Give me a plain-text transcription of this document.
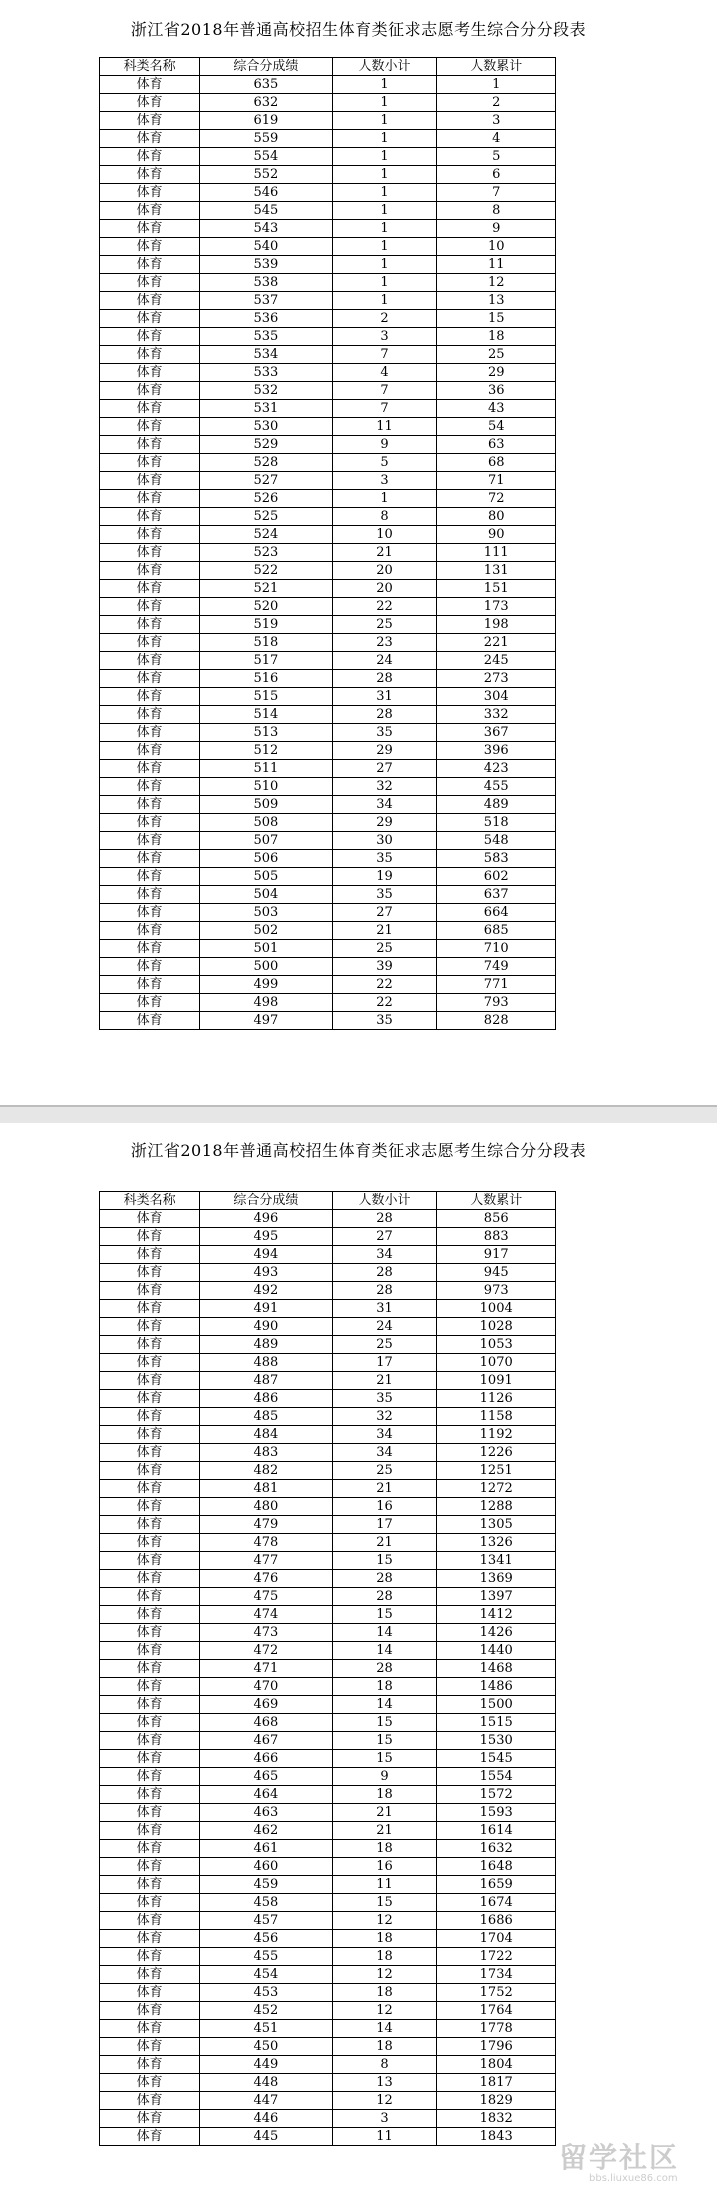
浙江省2018年普通高校招生体育类征求志愿考生综合分分段表
科类名称	综合分成绩	人数小计	人数累计
体育	635	1	1
体育	632	1	2
体育	619	1	3
体育	559	1	4
体育	554	1	5
体育	552	1	6
体育	546	1	7
体育	545	1	8
体育	543	1	9
体育	540	1	10
体育	539	1	11
体育	538	1	12
体育	537	1	13
体育	536	2	15
体育	535	3	18
体育	534	7	25
体育	533	4	29
体育	532	7	36
体育	531	7	43
体育	530	11	54
体育	529	9	63
体育	528	5	68
体育	527	3	71
体育	526	1	72
体育	525	8	80
体育	524	10	90
体育	523	21	111
体育	522	20	131
体育	521	20	151
体育	520	22	173
体育	519	25	198
体育	518	23	221
体育	517	24	245
体育	516	28	273
体育	515	31	304
体育	514	28	332
体育	513	35	367
体育	512	29	396
体育	511	27	423
体育	510	32	455
体育	509	34	489
体育	508	29	518
体育	507	30	548
体育	506	35	583
体育	505	19	602
体育	504	35	637
体育	503	27	664
体育	502	21	685
体育	501	25	710
体育	500	39	749
体育	499	22	771
体育	498	22	793
体育	497	35	828
浙江省2018年普通高校招生体育类征求志愿考生综合分分段表
科类名称	综合分成绩	人数小计	人数累计
体育	496	28	856
体育	495	27	883
体育	494	34	917
体育	493	28	945
体育	492	28	973
体育	491	31	1004
体育	490	24	1028
体育	489	25	1053
体育	488	17	1070
体育	487	21	1091
体育	486	35	1126
体育	485	32	1158
体育	484	34	1192
体育	483	34	1226
体育	482	25	1251
体育	481	21	1272
体育	480	16	1288
体育	479	17	1305
体育	478	21	1326
体育	477	15	1341
体育	476	28	1369
体育	475	28	1397
体育	474	15	1412
体育	473	14	1426
体育	472	14	1440
体育	471	28	1468
体育	470	18	1486
体育	469	14	1500
体育	468	15	1515
体育	467	15	1530
体育	466	15	1545
体育	465	9	1554
体育	464	18	1572
体育	463	21	1593
体育	462	21	1614
体育	461	18	1632
体育	460	16	1648
体育	459	11	1659
体育	458	15	1674
体育	457	12	1686
体育	456	18	1704
体育	455	18	1722
体育	454	12	1734
体育	453	18	1752
体育	452	12	1764
体育	451	14	1778
体育	450	18	1796
体育	449	8	1804
体育	448	13	1817
体育	447	12	1829
体育	446	3	1832
体育	445	11	1843
留学社区
bbs.liuxue86.com
